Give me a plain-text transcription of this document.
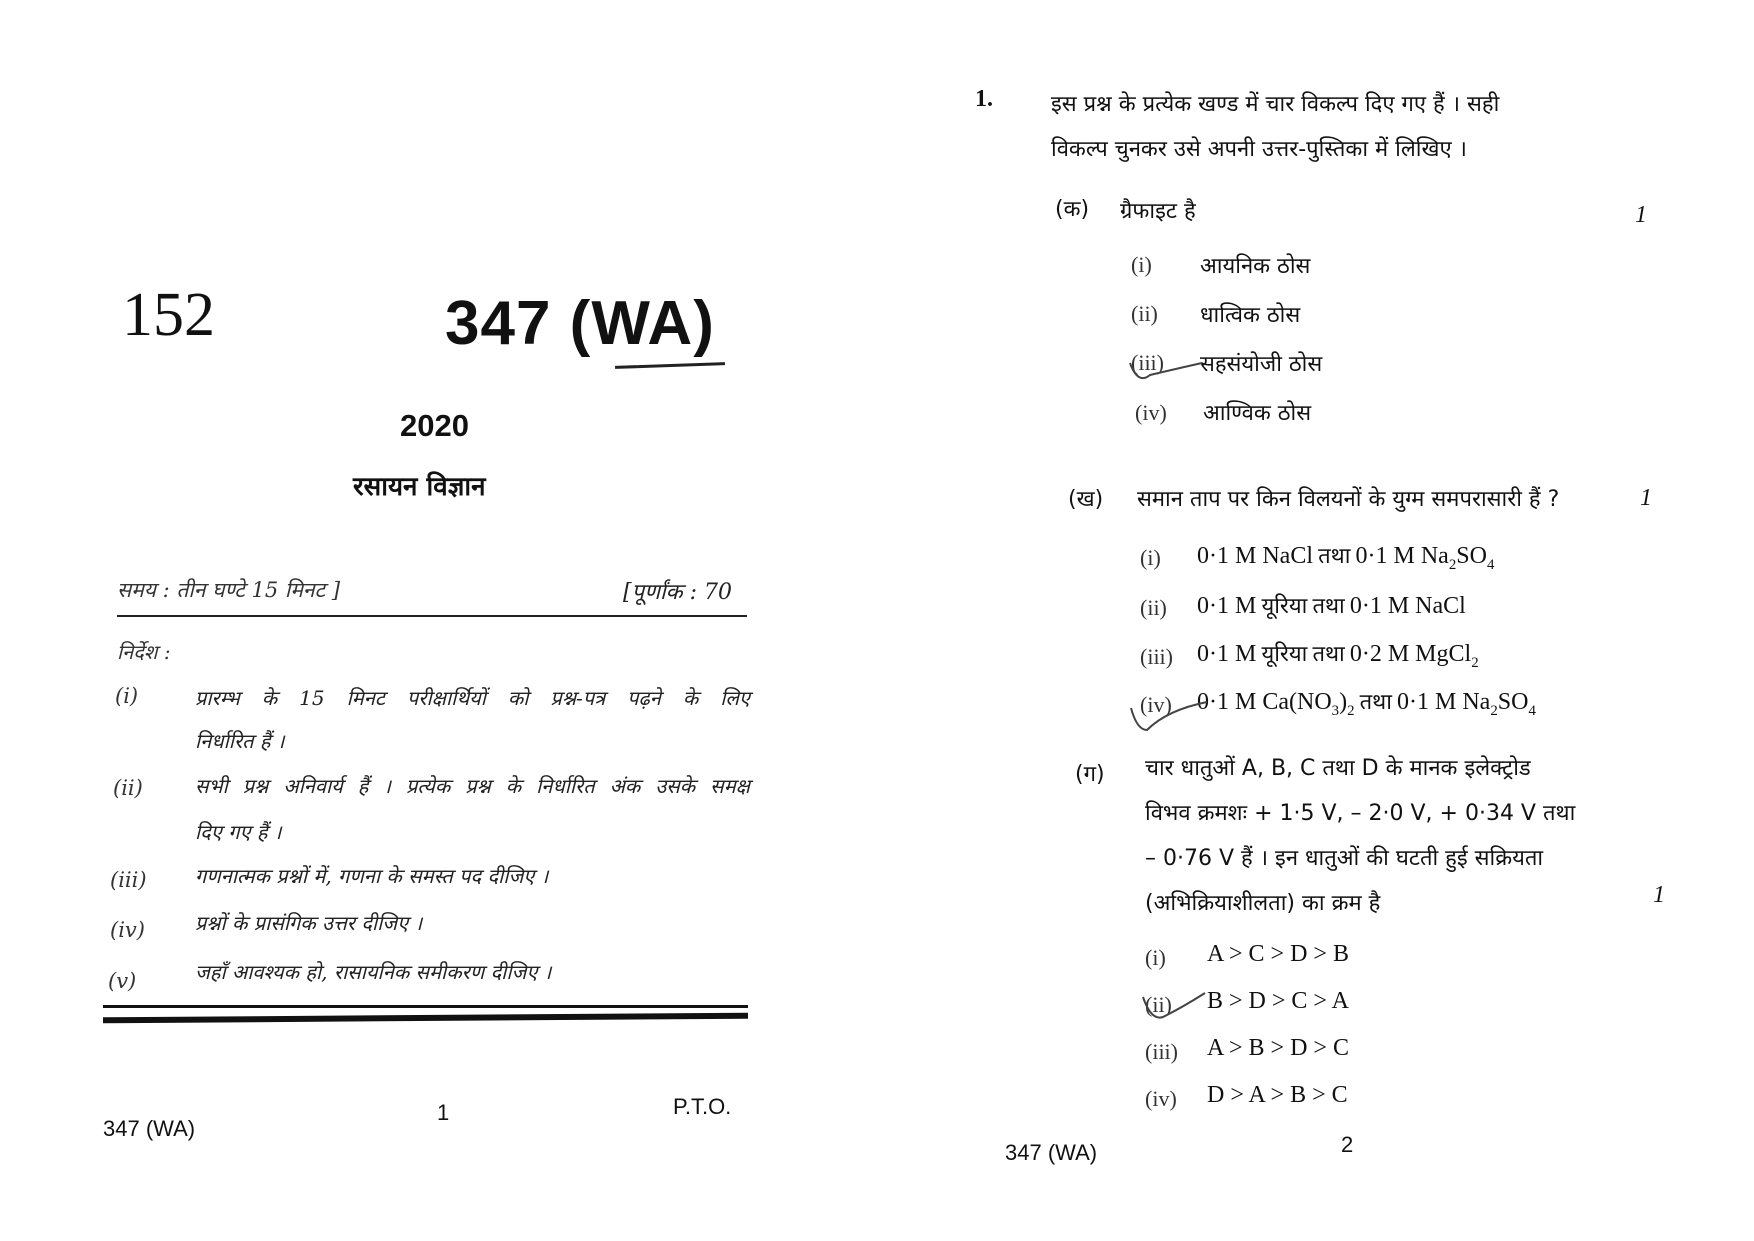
152	347 (WA)
2020
रसायन विज्ञान
समय : तीन घण्टे 15 मिनट ]	[पूर्णांक : 70
निर्देश :
(i)	प्रारम्भ के 15 मिनट परीक्षार्थियों को प्रश्न-पत्र पढ़ने के लिए
निर्धारित हैं ।
(ii)	सभी प्रश्न अनिवार्य हैं । प्रत्येक प्रश्न के निर्धारित अंक उसके समक्ष
दिए गए हैं ।
(iii) गणनात्मक प्रश्नों में, गणना के समस्त पद दीजिए ।
(iv)	प्रश्नों के प्रासंगिक उत्तर दीजिए ।
(v)	जहाँ आवश्यक हो, रासायनिक समीकरण दीजिए ।
347 (WA)
1	P.T.O.
1.	इस प्रश्न के प्रत्येक खण्ड में चार विकल्प दिए गए हैं । सही
विकल्प चुनकर उसे अपनी उत्तर-पुस्तिका में लिखिए ।
(क) ग्रैफाइट है	1
(i) आयनिक ठोस
(ii) धात्विक ठोस
(iii) सहसंयोजी ठोस
(iv) आण्विक ठोस
(ख) समान ताप पर किन विलयनों के युग्म समपरासारी हैं ?	1
(i) 0·1 M NaCl तथा 0·1 M $Na_2SO_4$
(ii) 0·1 M यूरिया तथा 0·1 M NaCl
(iii) 0·1 M यूरिया तथा 0·2 M MgCl$_2$
(iv) 0·1 M $Ca(NO_3)_2$ तथा 0·1 M $Na_2SO_4$
(ग) चार धातुओं A, B, C तथा D के मानक इलेक्ट्रोड
विभव क्रमशः + 1·5 V, – 2·0 V, + 0·34 V तथा
– 0·76 V हैं । इन धातुओं की घटती हुई सक्रियता
(अभिक्रियाशीलता) का क्रम है	1
(i) A > C > D > B
(ii) B > D > C > A
(iii) A > B > D > C
(iv) D > A > B > C
347 (WA)	2
